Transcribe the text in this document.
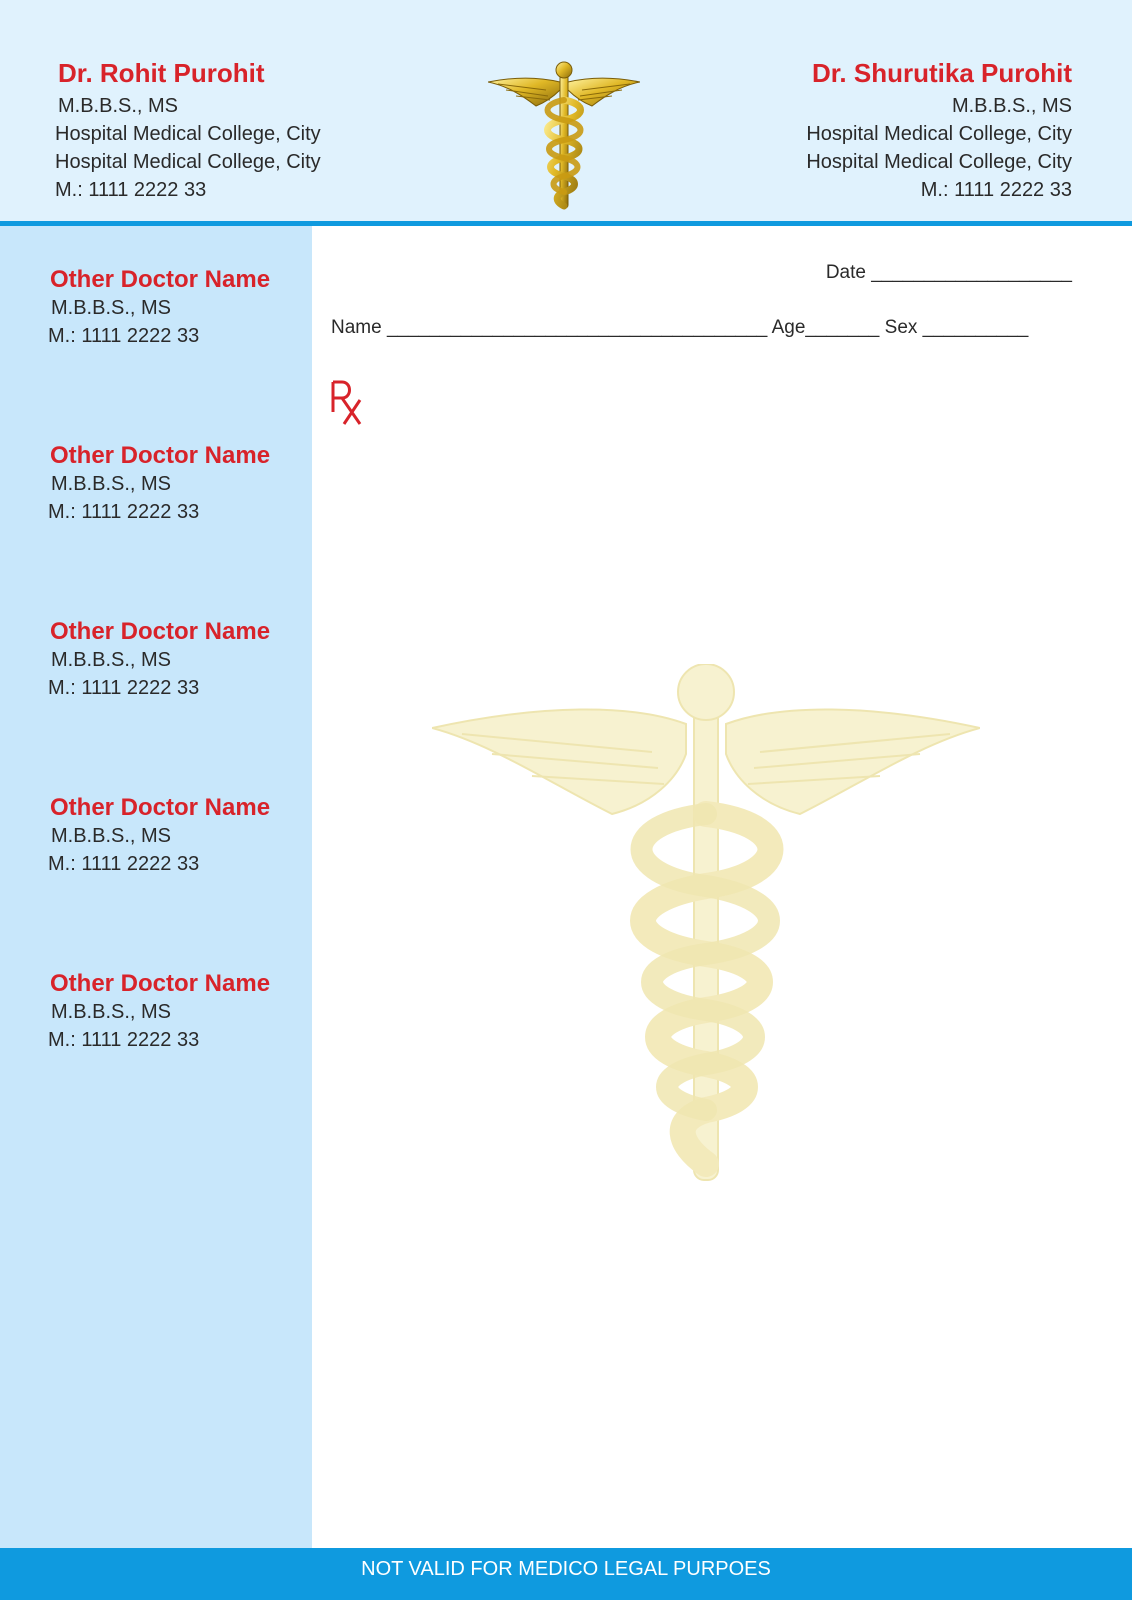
Dr. Rohit Purohit
M.B.B.S., MS
Hospital Medical College, City
Hospital Medical College, City
M.: 1111 2222 33
Dr. Shurutika Purohit
M.B.B.S., MS
Hospital Medical College, City
Hospital Medical College, City
M.: 1111 2222 33
Other Doctor Name
M.B.B.S., MS
M.: 1111 2222 33
Other Doctor Name
M.B.B.S., MS
M.: 1111 2222 33
Other Doctor Name
M.B.B.S., MS
M.: 1111 2222 33
Other Doctor Name
M.B.B.S., MS
M.: 1111 2222 33
Other Doctor Name
M.B.B.S., MS
M.: 1111 2222 33
Date ___________________
Name ____________________________________ Age_______ Sex __________
NOT VALID FOR MEDICO LEGAL PURPOES
